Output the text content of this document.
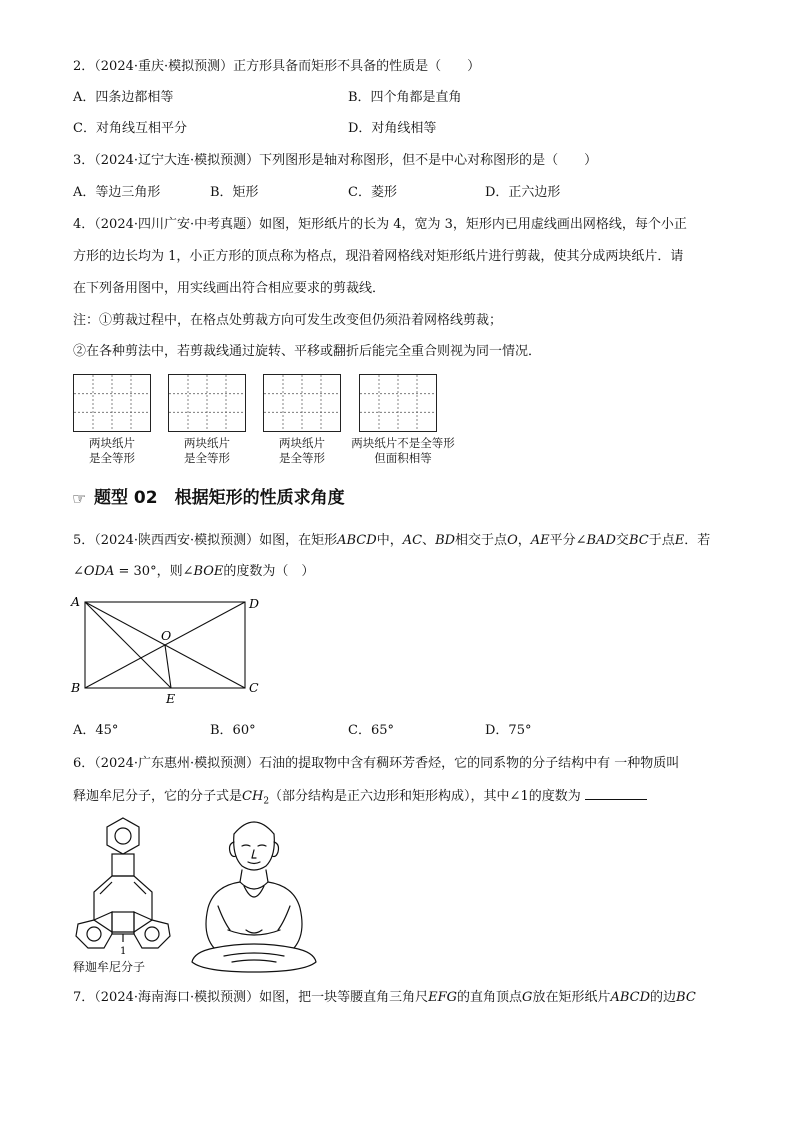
2．（2024·重庆·模拟预测）正方形具备而矩形不具备的性质是（　　）
A．四条边都相等	B．四个角都是直角
C．对角线互相平分	D．对角线相等
3．（2024·辽宁大连·模拟预测）下列图形是轴对称图形，但不是中心对称图形的是（　　）
A．等边三角形	B．矩形	C．菱形	D．正六边形
4．（2024·四川广安·中考真题）如图，矩形纸片的长为 4，宽为 3，矩形内已用虚线画出网格线，每个小正
方形的边长均为 1，小正方形的顶点称为格点，现沿着网格线对矩形纸片进行剪裁，使其分成两块纸片．请
在下列备用图中，用实线画出符合相应要求的剪裁线．
注：①剪裁过程中，在格点处剪裁方向可发生改变但仍须沿着网格线剪裁；
②在各种剪法中，若剪裁线通过旋转、平移或翻折后能完全重合则视为同一情况．
两块纸片
是全等形
两块纸片
是全等形
两块纸片
是全等形
两块纸片不是全等形
但面积相等
☞ 题型 02　根据矩形的性质求角度
5．（2024·陕西西安·模拟预测）如图，在矩形ABCD中，AC、BD相交于点O，AE平分∠BAD交BC于点E．若
∠ODA = 30°，则∠BOE的度数为（　）
A	D
B	C
O
E
A．45°	B．60°	C．65°	D．75°
6．（2024·广东惠州·模拟预测）石油的提取物中含有稠环芳香烃，它的同系物的分子结构中有 一种物质叫
释迦牟尼分子，它的分子式是$CH_2$（部分结构是正六边形和矩形构成），其中∠1的度数为
1
释迦牟尼分子
7．（2024·海南海口·模拟预测）如图，把一块等腰直角三角尺EFG的直角顶点G放在矩形纸片ABCD的边BC
